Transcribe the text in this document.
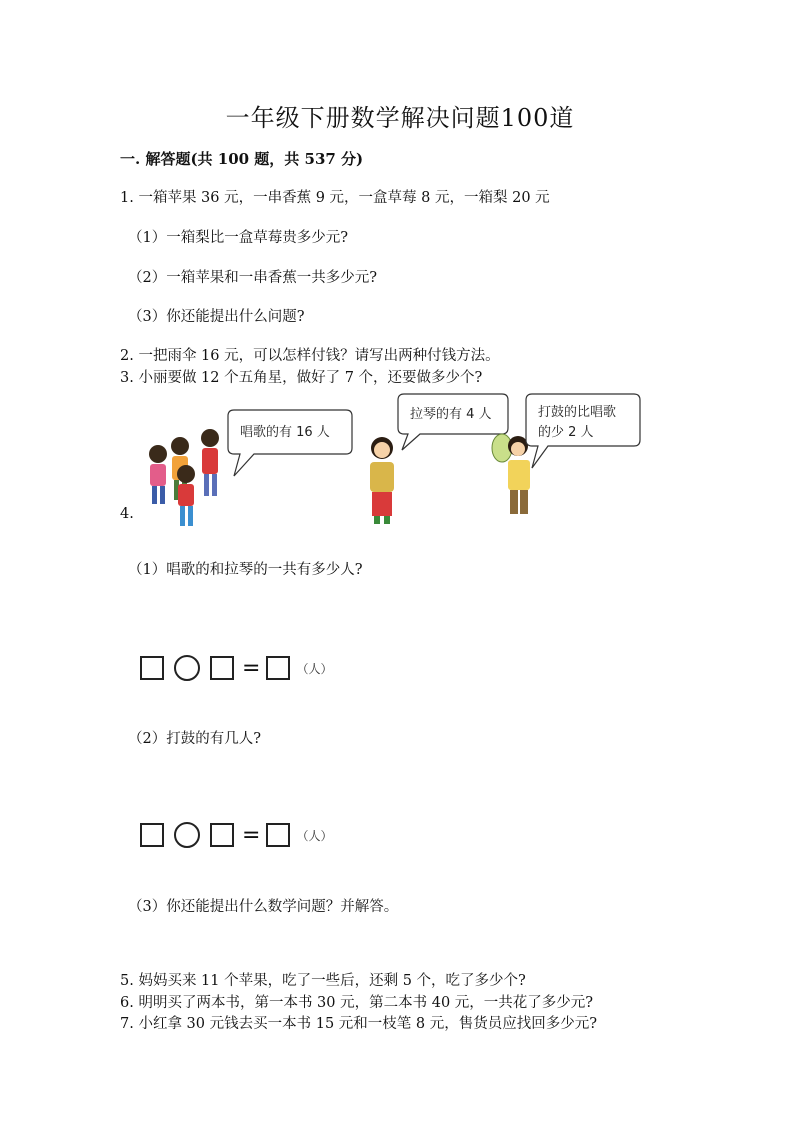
一年级下册数学解决问题100道
一. 解答题(共 100 题，共 537 分)
1. 一箱苹果 36 元，一串香蕉 9 元，一盒草莓 8 元，一箱梨 20 元
（1）一箱梨比一盒草莓贵多少元?
（2）一箱苹果和一串香蕉一共多少元?
（3）你还能提出什么问题?
2. 一把雨伞 16 元，可以怎样付钱？请写出两种付钱方法。
3. 小丽要做 12 个五角星，做好了 7 个，还要做多少个?
唱歌的有 16 人
拉琴的有 4 人	打鼓的比唱歌
的少 2 人
4.
（1）唱歌的和拉琴的一共有多少人?
=	（人）
（2）打鼓的有几人?
=	（人）
（3）你还能提出什么数学问题？并解答。
5. 妈妈买来 11 个苹果，吃了一些后，还剩 5 个，吃了多少个?
6. 明明买了两本书，第一本书 30 元，第二本书 40 元，一共花了多少元?
7. 小红拿 30 元钱去买一本书 15 元和一枝笔 8 元，售货员应找回多少元?
